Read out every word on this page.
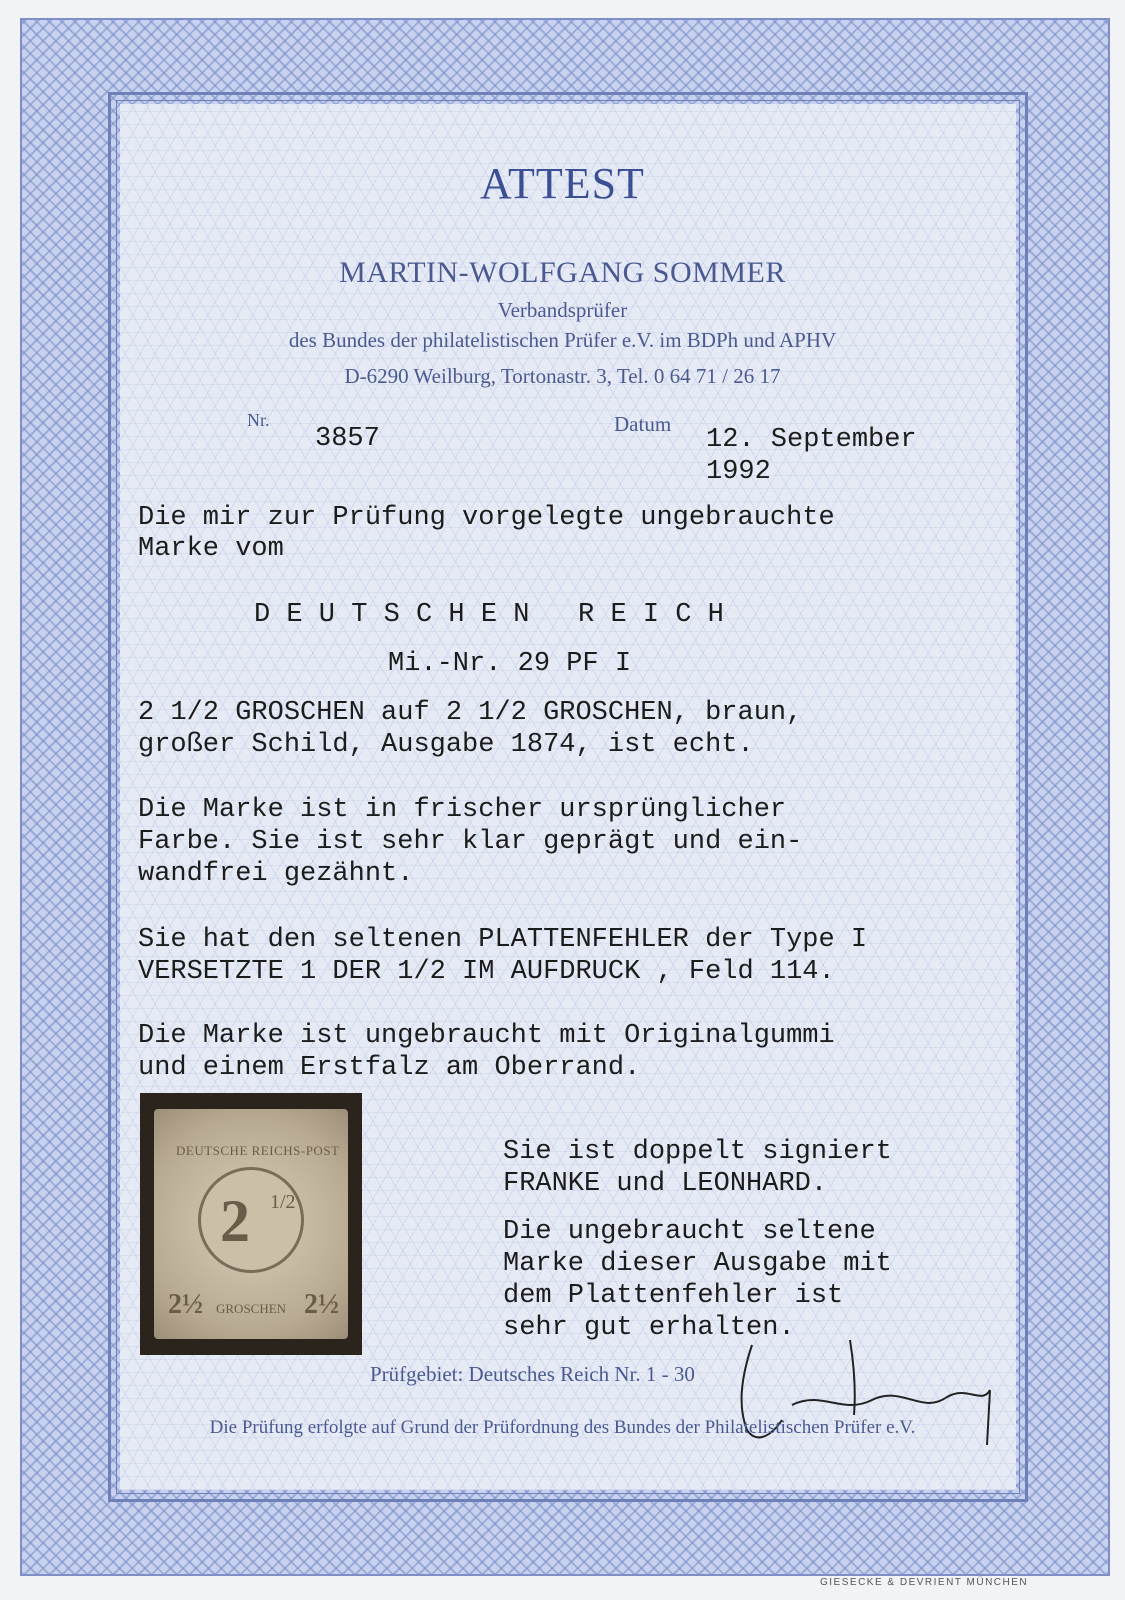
ATTEST
MARTIN-WOLFGANG SOMMER
Verbandsprüfer
des Bundes der philatelistischen Prüfer e.V. im BDPh und APHV
D-6290 Weilburg, Tortonastr. 3, Tel. 0 64 71 / 26 17
Nr.
3857	Datum
12. September
1992
Die mir zur Prüfung vorgelegte ungebrauchte
Marke vom
D E U T S C H E N   R E I C H
Mi.-Nr. 29 PF I
2 1/2 GROSCHEN auf 2 1/2 GROSCHEN, braun,
großer Schild, Ausgabe 1874, ist echt.
Die Marke ist in frischer ursprünglicher
Farbe. Sie ist sehr klar geprägt und ein-
wandfrei gezähnt.
Sie hat den seltenen PLATTENFEHLER der Type I
VERSETZTE 1 DER 1/2 IM AUFDRUCK , Feld 114.
Die Marke ist ungebraucht mit Originalgummi
und einem Erstfalz am Oberrand.
DEUTSCHE REICHS-POST
2 1/2
2½	2½
GROSCHEN
Sie ist doppelt signiert
FRANKE und LEONHARD.
Die ungebraucht seltene
Marke dieser Ausgabe mit
dem Plattenfehler ist
sehr gut erhalten.
Prüfgebiet: Deutsches Reich Nr. 1 - 30
Die Prüfung erfolgte auf Grund der Prüfordnung des Bundes der Philatelistischen Prüfer e.V.
GIESECKE & DEVRIENT MÜNCHEN
